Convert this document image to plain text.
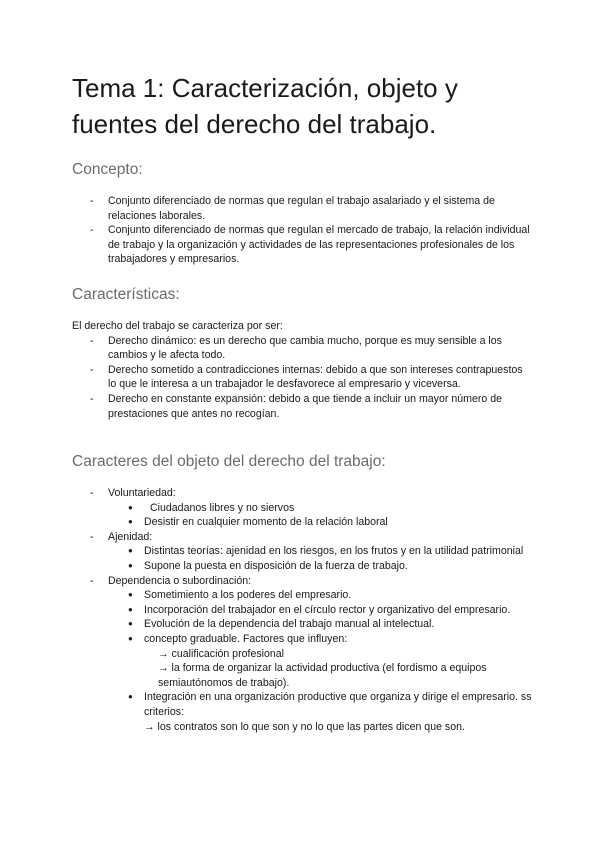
Tema 1: Caracterización, objeto y fuentes del derecho del trabajo.
Concepto:
- Conjunto diferenciado de normas que regulan el trabajo asalariado y el sistema de relaciones laborales.
- Conjunto diferenciado de normas que regulan el mercado de trabajo, la relación individual de trabajo y la organización y actividades de las representaciones profesionales de los trabajadores y empresarios.
Características:
El derecho del trabajo se caracteriza por ser:
- Derecho dinámico: es un derecho que cambia mucho, porque es muy sensible a los cambios y le afecta todo.
- Derecho sometido a contradicciones internas: debido a que son intereses contrapuestos lo que le interesa a un trabajador le desfavorece al empresario y viceversa.
- Derecho en constante expansión: debido a que tiende a incluir un mayor número de prestaciones que antes no recogían.
Caracteres del objeto del derecho del trabajo:
- Voluntariedad:
● Ciudadanos libres y no siervos
● Desistir en cualquier momento de la relación laboral
- Ajenidad:
● Distintas teorías: ajenidad en los riesgos, en los frutos y en la utilidad patrimonial
● Supone la puesta en disposición de la fuerza de trabajo.
- Dependencia o subordinación:
● Sometimiento a los poderes del empresario.
● Incorporación del trabajador en el círculo rector y organizativo del empresario.
● Evolución de la dependencia del trabajo manual al intelectual.
● concepto graduable. Factores que influyen:
→ cualificación profesional
→ la forma de organizar la actividad productiva (el fordismo a equipos semiautónomos de trabajo).
● Integración en una organización productive que organiza y dirige el empresario. ss criterios:
→ los contratos son lo que son y no lo que las partes dicen que son.
